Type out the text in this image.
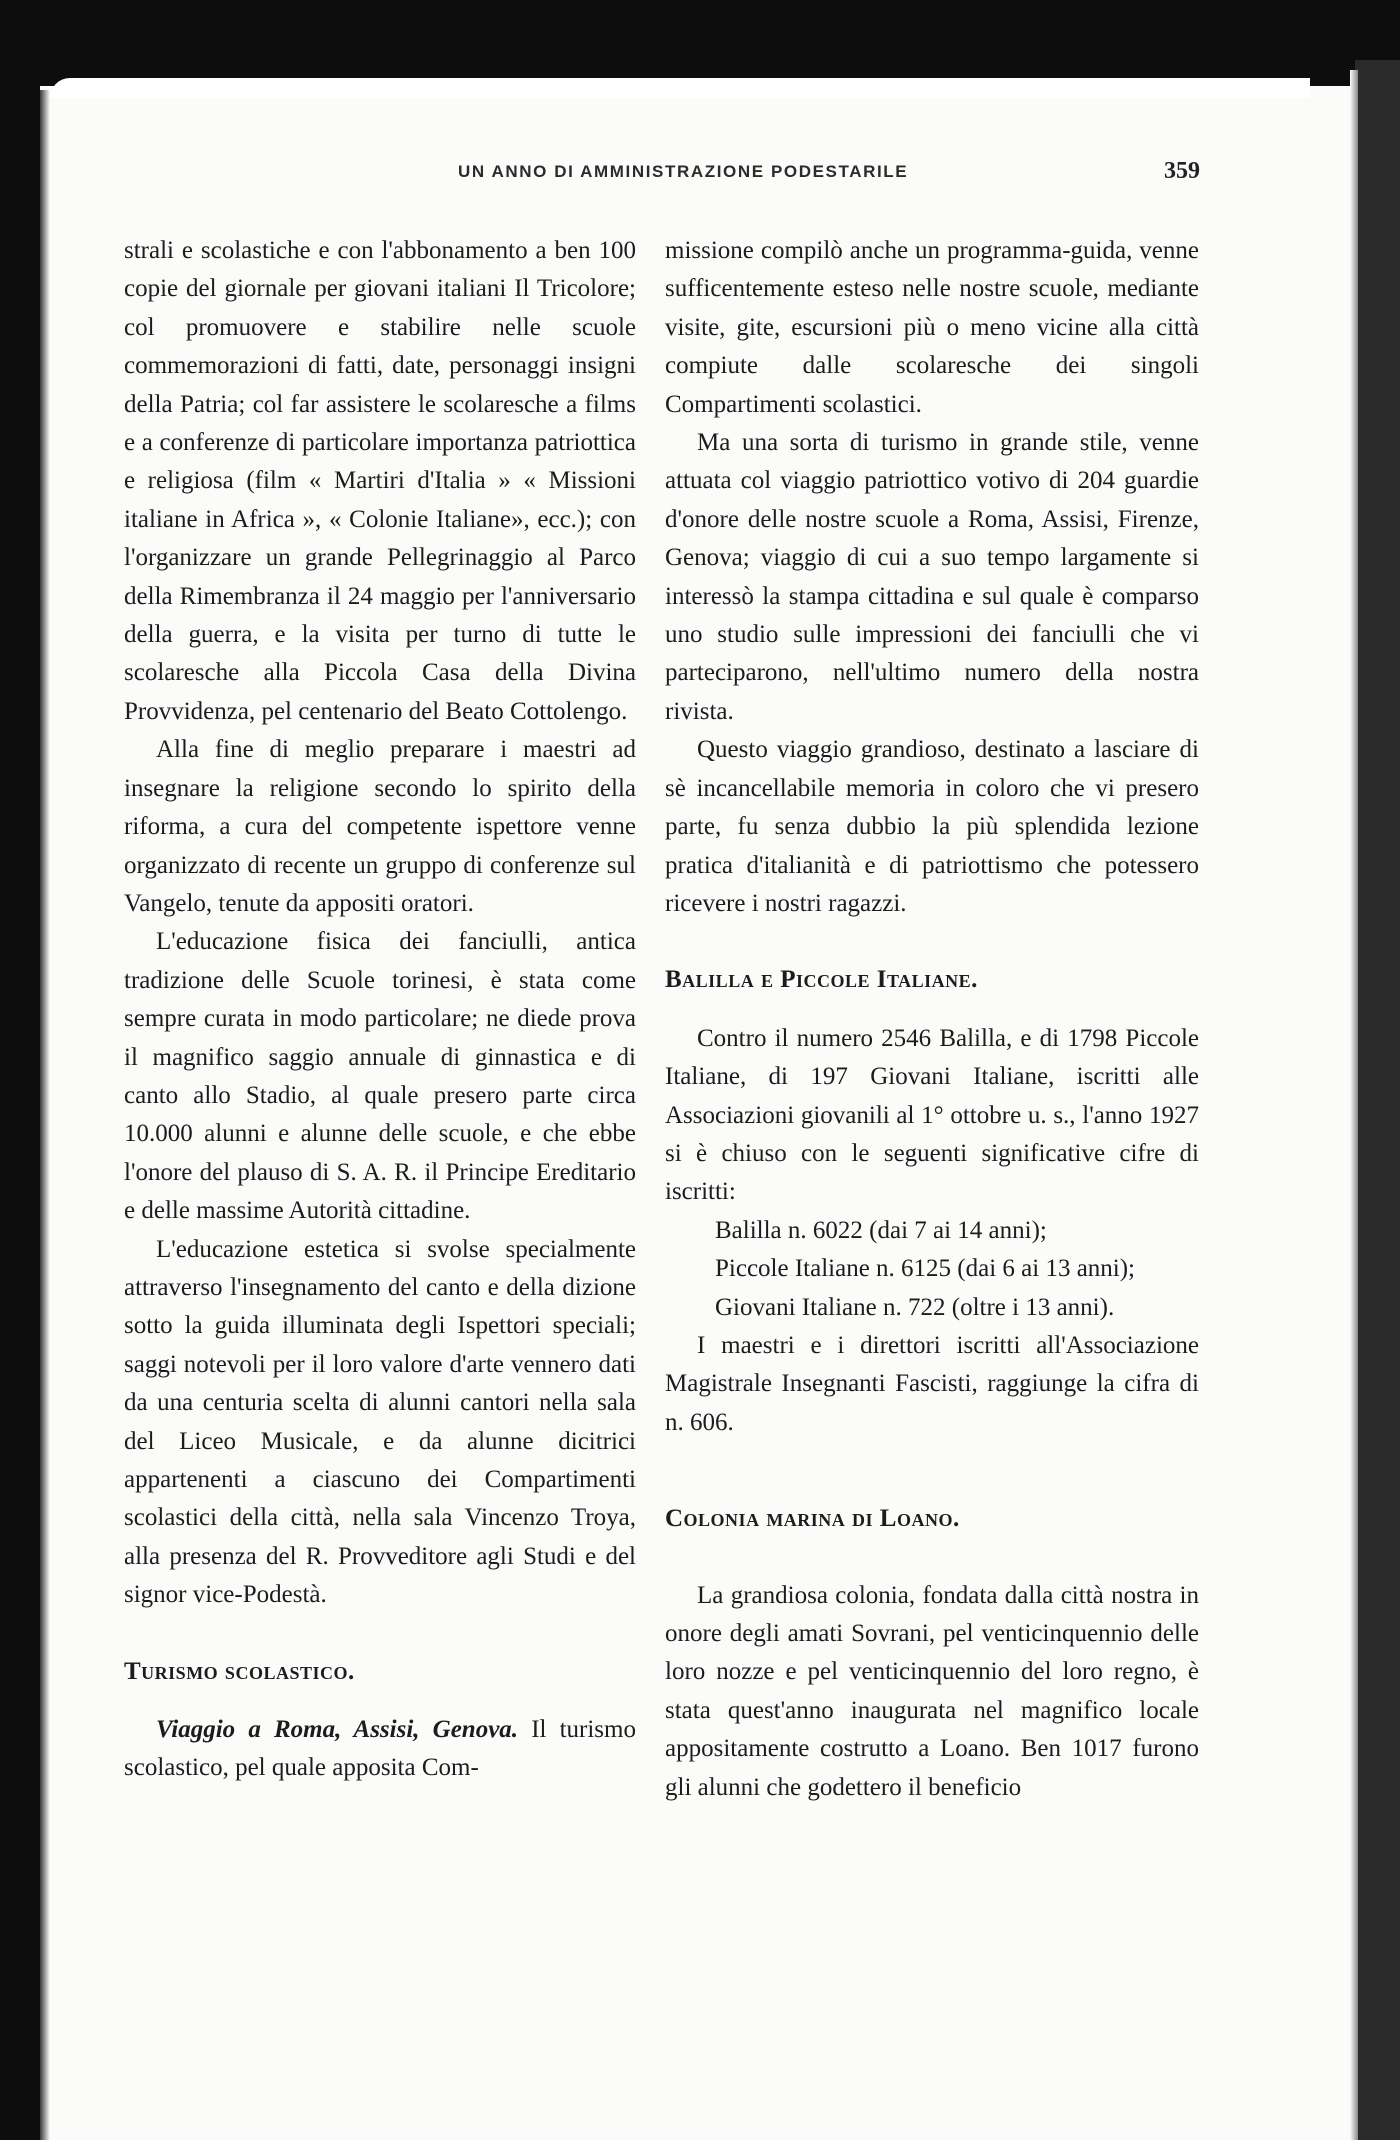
UN ANNO DI AMMINISTRAZIONE PODESTARILE	359

strali e scolastiche e con l'abbonamento a ben 100 copie del giornale per giovani italiani Il Tricolore; col promuovere e stabilire nelle scuole commemorazioni di fatti, date, personaggi insigni della Patria; col far assistere le scolaresche a films e a conferenze di particolare importanza patriottica e religiosa (film « Martiri d'Italia » « Missioni italiane in Africa », « Colonie Italiane», ecc.); con l'organizzare un grande Pellegrinaggio al Parco della Rimembranza il 24 maggio per l'anniversario della guerra, e la visita per turno di tutte le scolaresche alla Piccola Casa della Divina Provvidenza, pel centenario del Beato Cottolengo.

Alla fine di meglio preparare i maestri ad insegnare la religione secondo lo spirito della riforma, a cura del competente ispettore venne organizzato di recente un gruppo di conferenze sul Vangelo, tenute da appositi oratori.

L'educazione fisica dei fanciulli, antica tradizione delle Scuole torinesi, è stata come sempre curata in modo particolare; ne diede prova il magnifico saggio annuale di ginnastica e di canto allo Stadio, al quale presero parte circa 10.000 alunni e alunne delle scuole, e che ebbe l'onore del plauso di S. A. R. il Principe Ereditario e delle massime Autorità cittadine.

L'educazione estetica si svolse specialmente attraverso l'insegnamento del canto e della dizione sotto la guida illuminata degli Ispettori speciali; saggi notevoli per il loro valore d'arte vennero dati da una centuria scelta di alunni cantori nella sala del Liceo Musicale, e da alunne dicitrici appartenenti a ciascuno dei Compartimenti scolastici della città, nella sala Vincenzo Troya, alla presenza del R. Provveditore agli Studi e del signor vice-Podestà.

Turismo scolastico.

Viaggio a Roma, Assisi, Genova. Il turismo scolastico, pel quale apposita Com-

missione compilò anche un programma-guida, venne sufficentemente esteso nelle nostre scuole, mediante visite, gite, escursioni più o meno vicine alla città compiute dalle scolaresche dei singoli Compartimenti scolastici.

Ma una sorta di turismo in grande stile, venne attuata col viaggio patriottico votivo di 204 guardie d'onore delle nostre scuole a Roma, Assisi, Firenze, Genova; viaggio di cui a suo tempo largamente si interessò la stampa cittadina e sul quale è comparso uno studio sulle impressioni dei fanciulli che vi parteciparono, nell'ultimo numero della nostra rivista.

Questo viaggio grandioso, destinato a lasciare di sè incancellabile memoria in coloro che vi presero parte, fu senza dubbio la più splendida lezione pratica d'italianità e di patriottismo che potessero ricevere i nostri ragazzi.

Balilla e Piccole Italiane.

Contro il numero 2546 Balilla, e di 1798 Piccole Italiane, di 197 Giovani Italiane, iscritti alle Associazioni giovanili al 1° ottobre u. s., l'anno 1927 si è chiuso con le seguenti significative cifre di iscritti:

Balilla n. 6022 (dai 7 ai 14 anni);

Piccole Italiane n. 6125 (dai 6 ai 13 anni);

Giovani Italiane n. 722 (oltre i 13 anni).

I maestri e i direttori iscritti all'Associazione Magistrale Insegnanti Fascisti, raggiunge la cifra di n. 606.

Colonia marina di Loano.

La grandiosa colonia, fondata dalla città nostra in onore degli amati Sovrani, pel venticinquennio delle loro nozze e pel venticinquennio del loro regno, è stata quest'anno inaugurata nel magnifico locale appositamente costrutto a Loano. Ben 1017 furono gli alunni che godettero il beneficio
